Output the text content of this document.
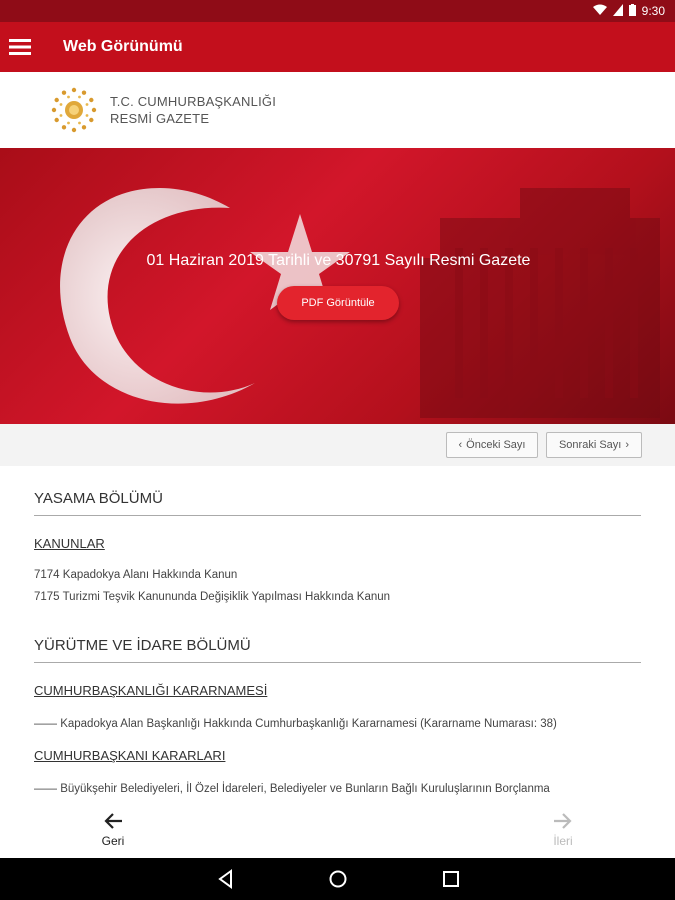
9:30
Web Görünümü
T.C. CUMHURBAŞKANLIĞI
RESMİ GAZETE
01 Haziran 2019 Tarihli ve 30791 Sayılı Resmi Gazete
PDF Görüntüle
‹ Önceki Sayı	Sonraki Sayı ›
YASAMA BÖLÜMÜ
KANUNLAR
7174 Kapadokya Alanı Hakkında Kanun
7175 Turizmi Teşvik Kanununda Değişiklik Yapılması Hakkında Kanun
YÜRÜTME VE İDARE BÖLÜMÜ
CUMHURBAŞKANLIĞI KARARNAMESİ
—— Kapadokya Alan Başkanlığı Hakkında Cumhurbaşkanlığı Kararnamesi (Kararname Numarası: 38)
CUMHURBAŞKANI KARARLARI
—— Büyükşehir Belediyeleri, İl Özel İdareleri, Belediyeler ve Bunların Bağlı Kuruluşlarının Borçlanma
Geri	İleri
